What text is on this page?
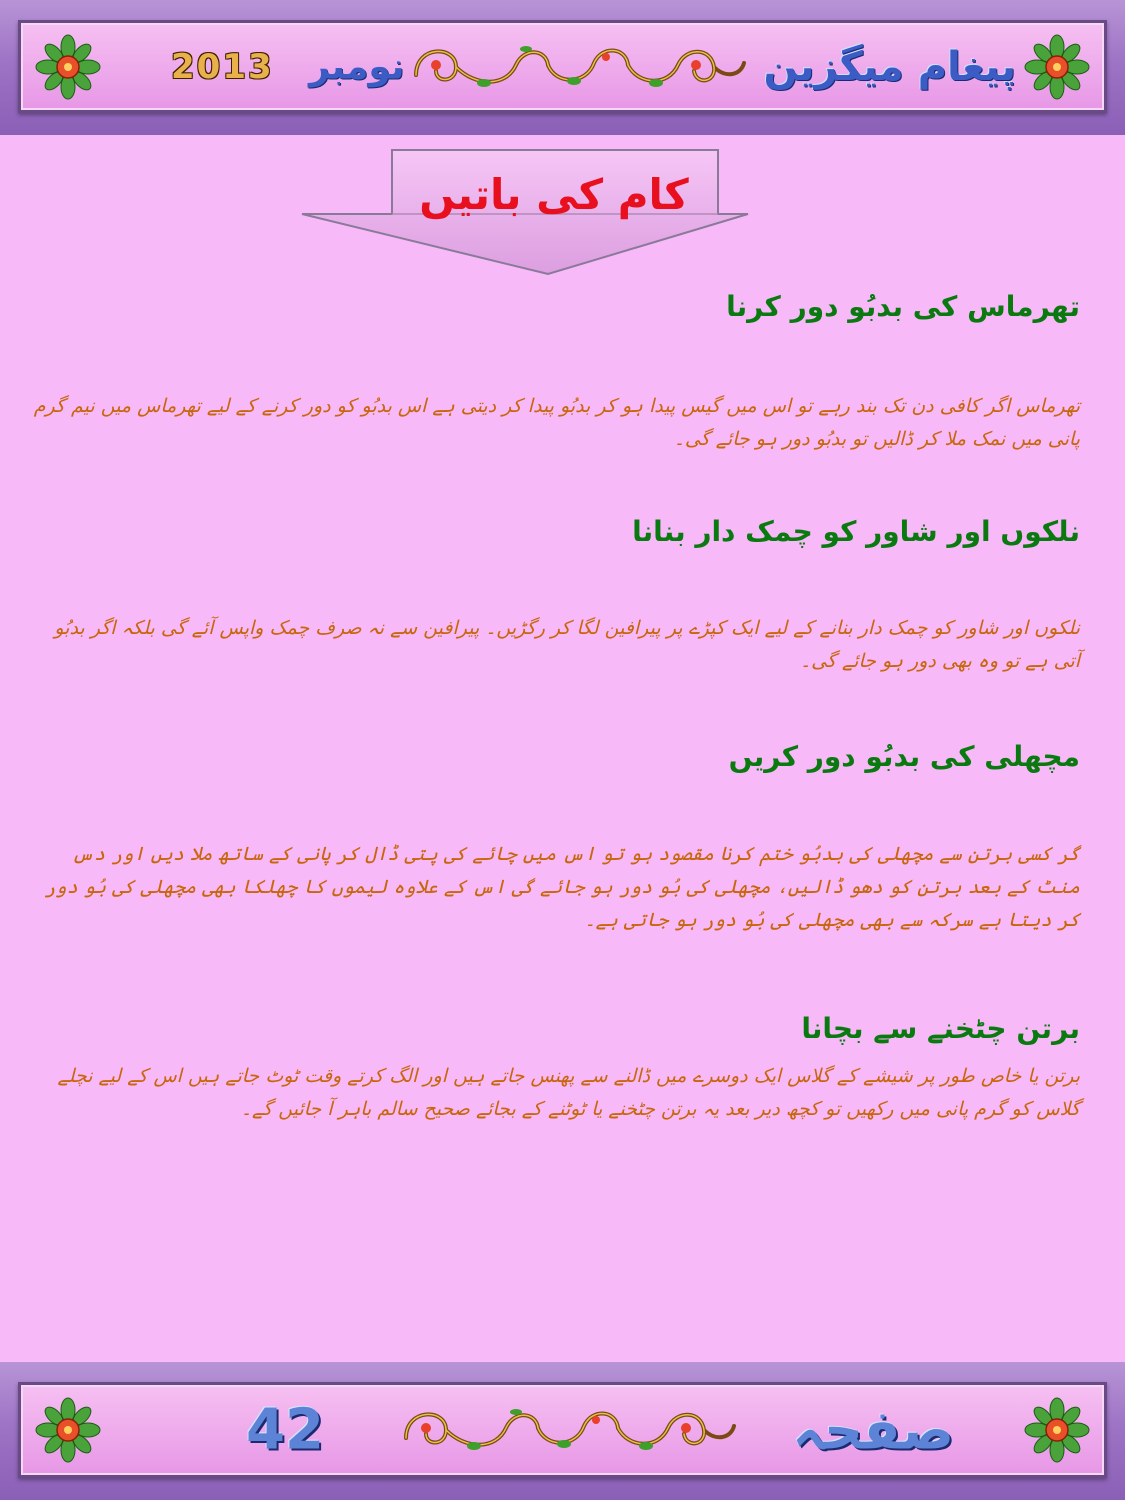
2013 نومبر	پیغام میگزین
کام کی باتیں
تھرماس کی بدبُو دور کرنا
تھرماس اگر کافی دن تک بند رہے تو اس میں گیس پیدا ہو کر بدبُو پیدا کر دیتی ہے اس بدبُو کو دور کرنے کے لیے تھرماس میں نیم گرم پانی میں نمک ملا کر ڈالیں تو بدبُو دور ہو جائے گی۔
نلکوں اور شاور کو چمک دار بنانا
نلکوں اور شاور کو چمک دار بنانے کے لیے ایک کپڑے پر پیرافین لگا کر رگڑیں۔ پیرافین سے نہ صرف چمک واپس آئے گی بلکہ اگر بدبُو آتی ہے تو وہ بھی دور ہو جائے گی۔
مچھلی کی بدبُو دور کریں
گر کسی برتن سے مچھلی کی بدبُو ختم کرنا مقصود ہو تو اس میں چائے کی پتی ڈال کر پانی کے ساتھ ملا دیں اور دس منٹ کے بعد برتن کو دھو ڈالیں، مچھلی کی بُو دور ہو جائے گی اس کے علاوہ لیموں کا چھلکا بھی مچھلی کی بُو دور کر دیتا ہے سرکہ سے بھی مچھلی کی بُو دور ہو جاتی ہے۔
برتن چٹخنے سے بچانا
برتن یا خاص طور پر شیشے کے گلاس ایک دوسرے میں ڈالنے سے پھنس جاتے ہیں اور الگ کرتے وقت ٹوٹ جاتے ہیں اس کے لیے نچلے گلاس کو گرم پانی میں رکھیں تو کچھ دیر بعد یہ برتن چٹخنے یا ٹوٹنے کے بجائے صحیح سالم باہر آ جائیں گے۔
42	صفحہ
